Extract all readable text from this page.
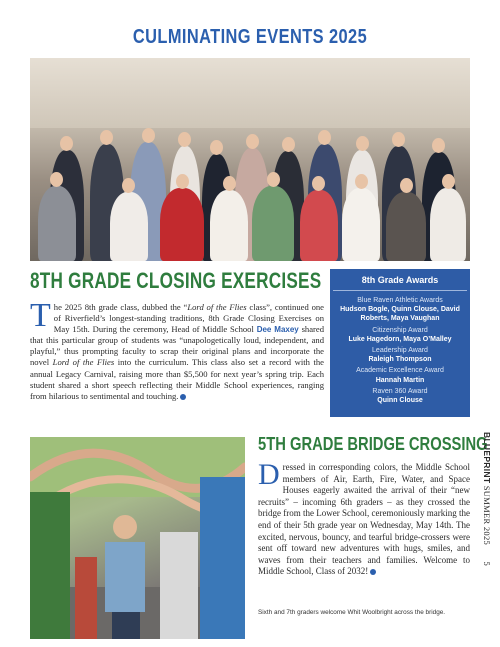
CULMINATING EVENTS 2025
8TH GRADE CLOSING EXERCISES
The 2025 8th grade class, dubbed the “Lord of the Flies class”, continued one of Riverfield’s longest-standing traditions, 8th Grade Closing Exercises on May 15th. During the ceremony, Head of Middle School Dee Maxey shared that this particular group of students was “unapologetically loud, independent, and playful,” thus prompting faculty to scrap their original plans and incorporate the novel Lord of the Flies into the curriculum. This class also set a record with the annual Legacy Carnival, raising more than $5,500 for next year’s spring trip. Each student shared a short speech reflecting their Middle School experiences, ranging from hilarious to sentimental and touching.
8th Grade Awards
Blue Raven Athletic Awards
Hudson Bogle, Quinn Clouse, David Roberts, Maya Vaughan
Citizenship Award
Luke Hagedorn, Maya O’Malley
Leadership Award
Raleigh Thompson
Academic Excellence Award
Hannah Martin
Raven 360 Award
Quinn Clouse
5TH GRADE BRIDGE CROSSING
Dressed in corresponding colors, the Middle School members of Air, Earth, Fire, Water, and Space Houses eagerly awaited the arrival of their “new recruits” – incoming 6th graders – as they crossed the bridge from the Lower School, ceremoniously marking the end of their 5th grade year on Wednesday, May 14th. The excited, nervous, bouncy, and tearful bridge-crossers were sent off toward new adventures with hugs, smiles, and waves from their teachers and families. Welcome to Middle School, Class of 2032!
Sixth and 7th graders welcome Whit Woolbright across the bridge.
BLUEPRINT SUMMER 2025 5
